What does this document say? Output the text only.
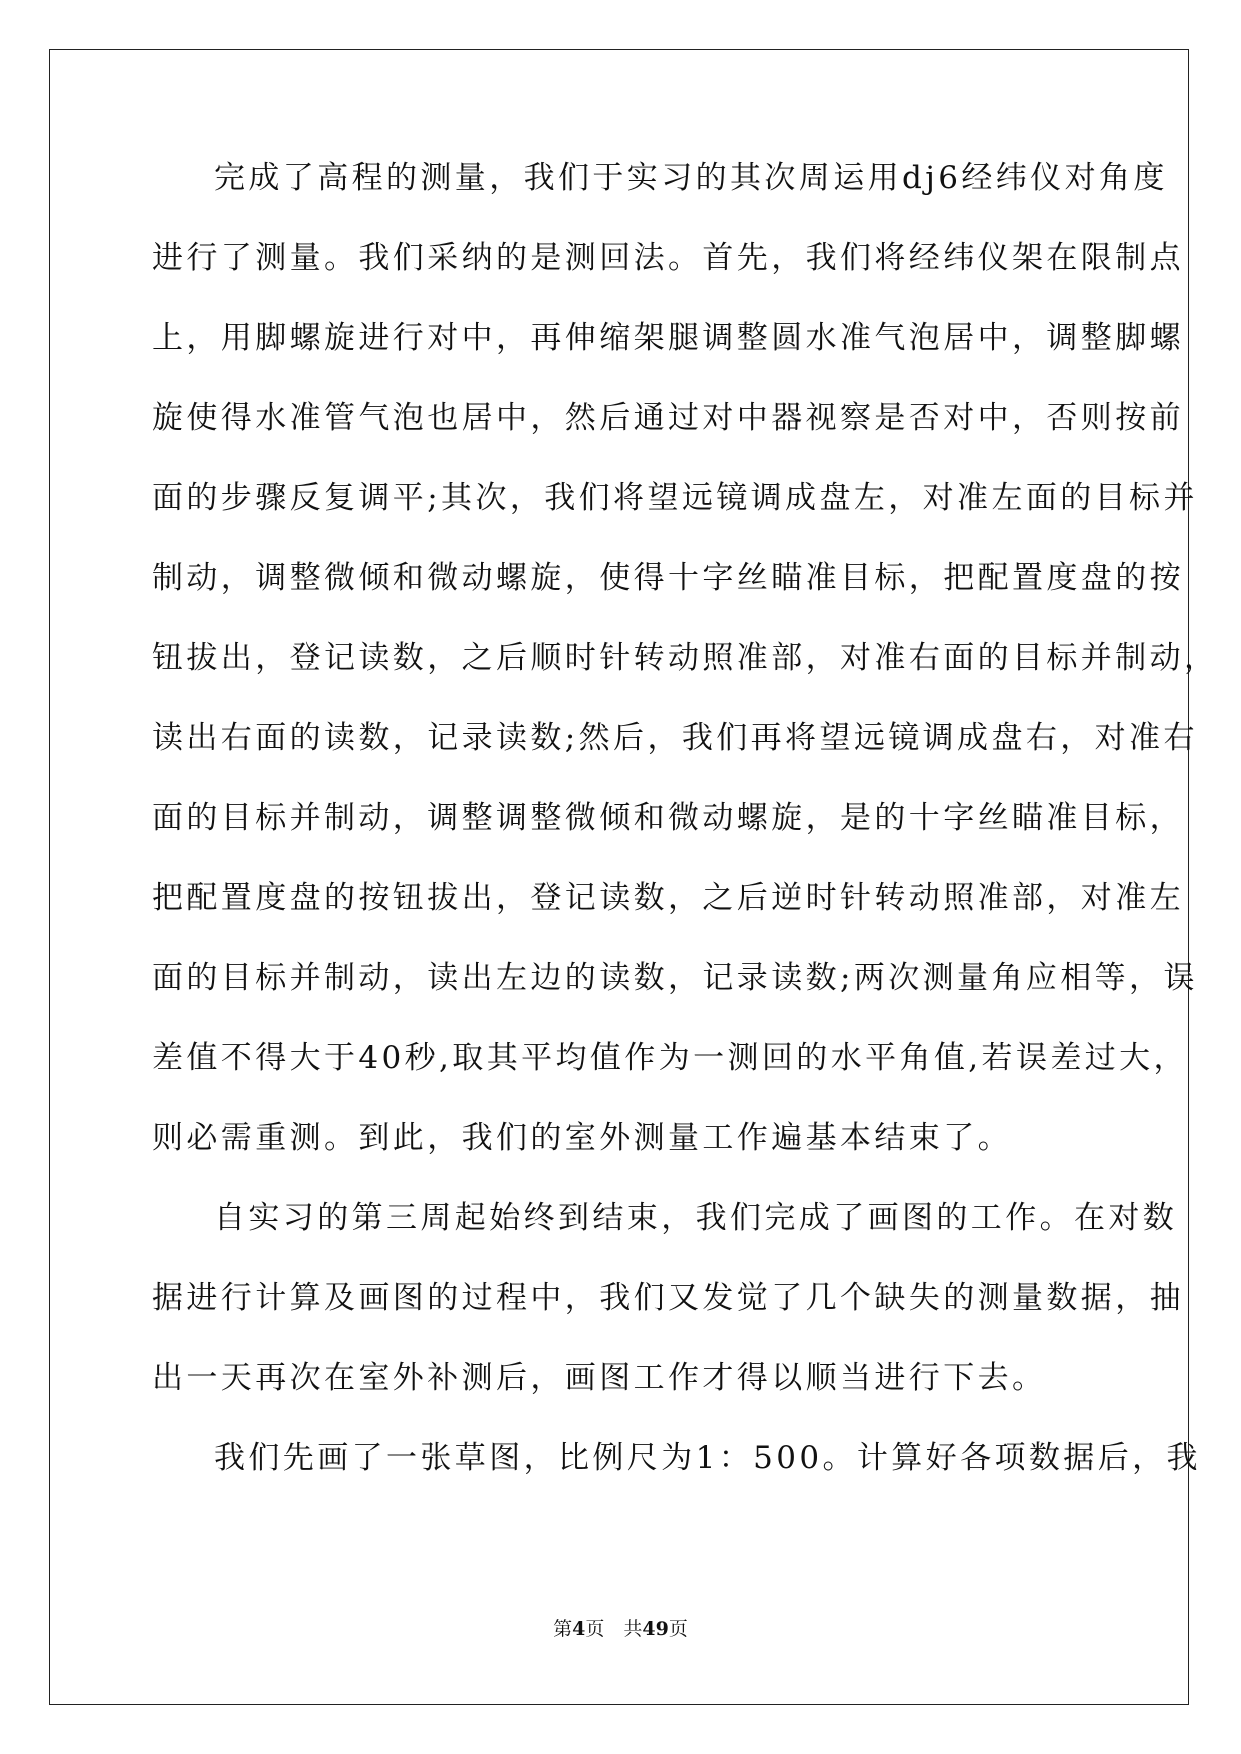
完成了高程的测量，我们于实习的其次周运用dj6经纬仪对角度
进行了测量。我们采纳的是测回法。首先，我们将经纬仪架在限制点
上，用脚螺旋进行对中，再伸缩架腿调整圆水准气泡居中，调整脚螺
旋使得水准管气泡也居中，然后通过对中器视察是否对中，否则按前
面的步骤反复调平;其次，我们将望远镜调成盘左，对准左面的目标并
制动，调整微倾和微动螺旋，使得十字丝瞄准目标，把配置度盘的按
钮拔出，登记读数，之后顺时针转动照准部，对准右面的目标并制动，
读出右面的读数，记录读数;然后，我们再将望远镜调成盘右，对准右
面的目标并制动，调整调整微倾和微动螺旋，是的十字丝瞄准目标，
把配置度盘的按钮拔出，登记读数，之后逆时针转动照准部，对准左
面的目标并制动，读出左边的读数，记录读数;两次测量角应相等，误
差值不得大于40秒,取其平均值作为一测回的水平角值,若误差过大，
则必需重测。到此，我们的室外测量工作遍基本结束了。
自实习的第三周起始终到结束，我们完成了画图的工作。在对数
据进行计算及画图的过程中，我们又发觉了几个缺失的测量数据，抽
出一天再次在室外补测后，画图工作才得以顺当进行下去。
我们先画了一张草图，比例尺为1：500。计算好各项数据后，我
第4页　共49页
